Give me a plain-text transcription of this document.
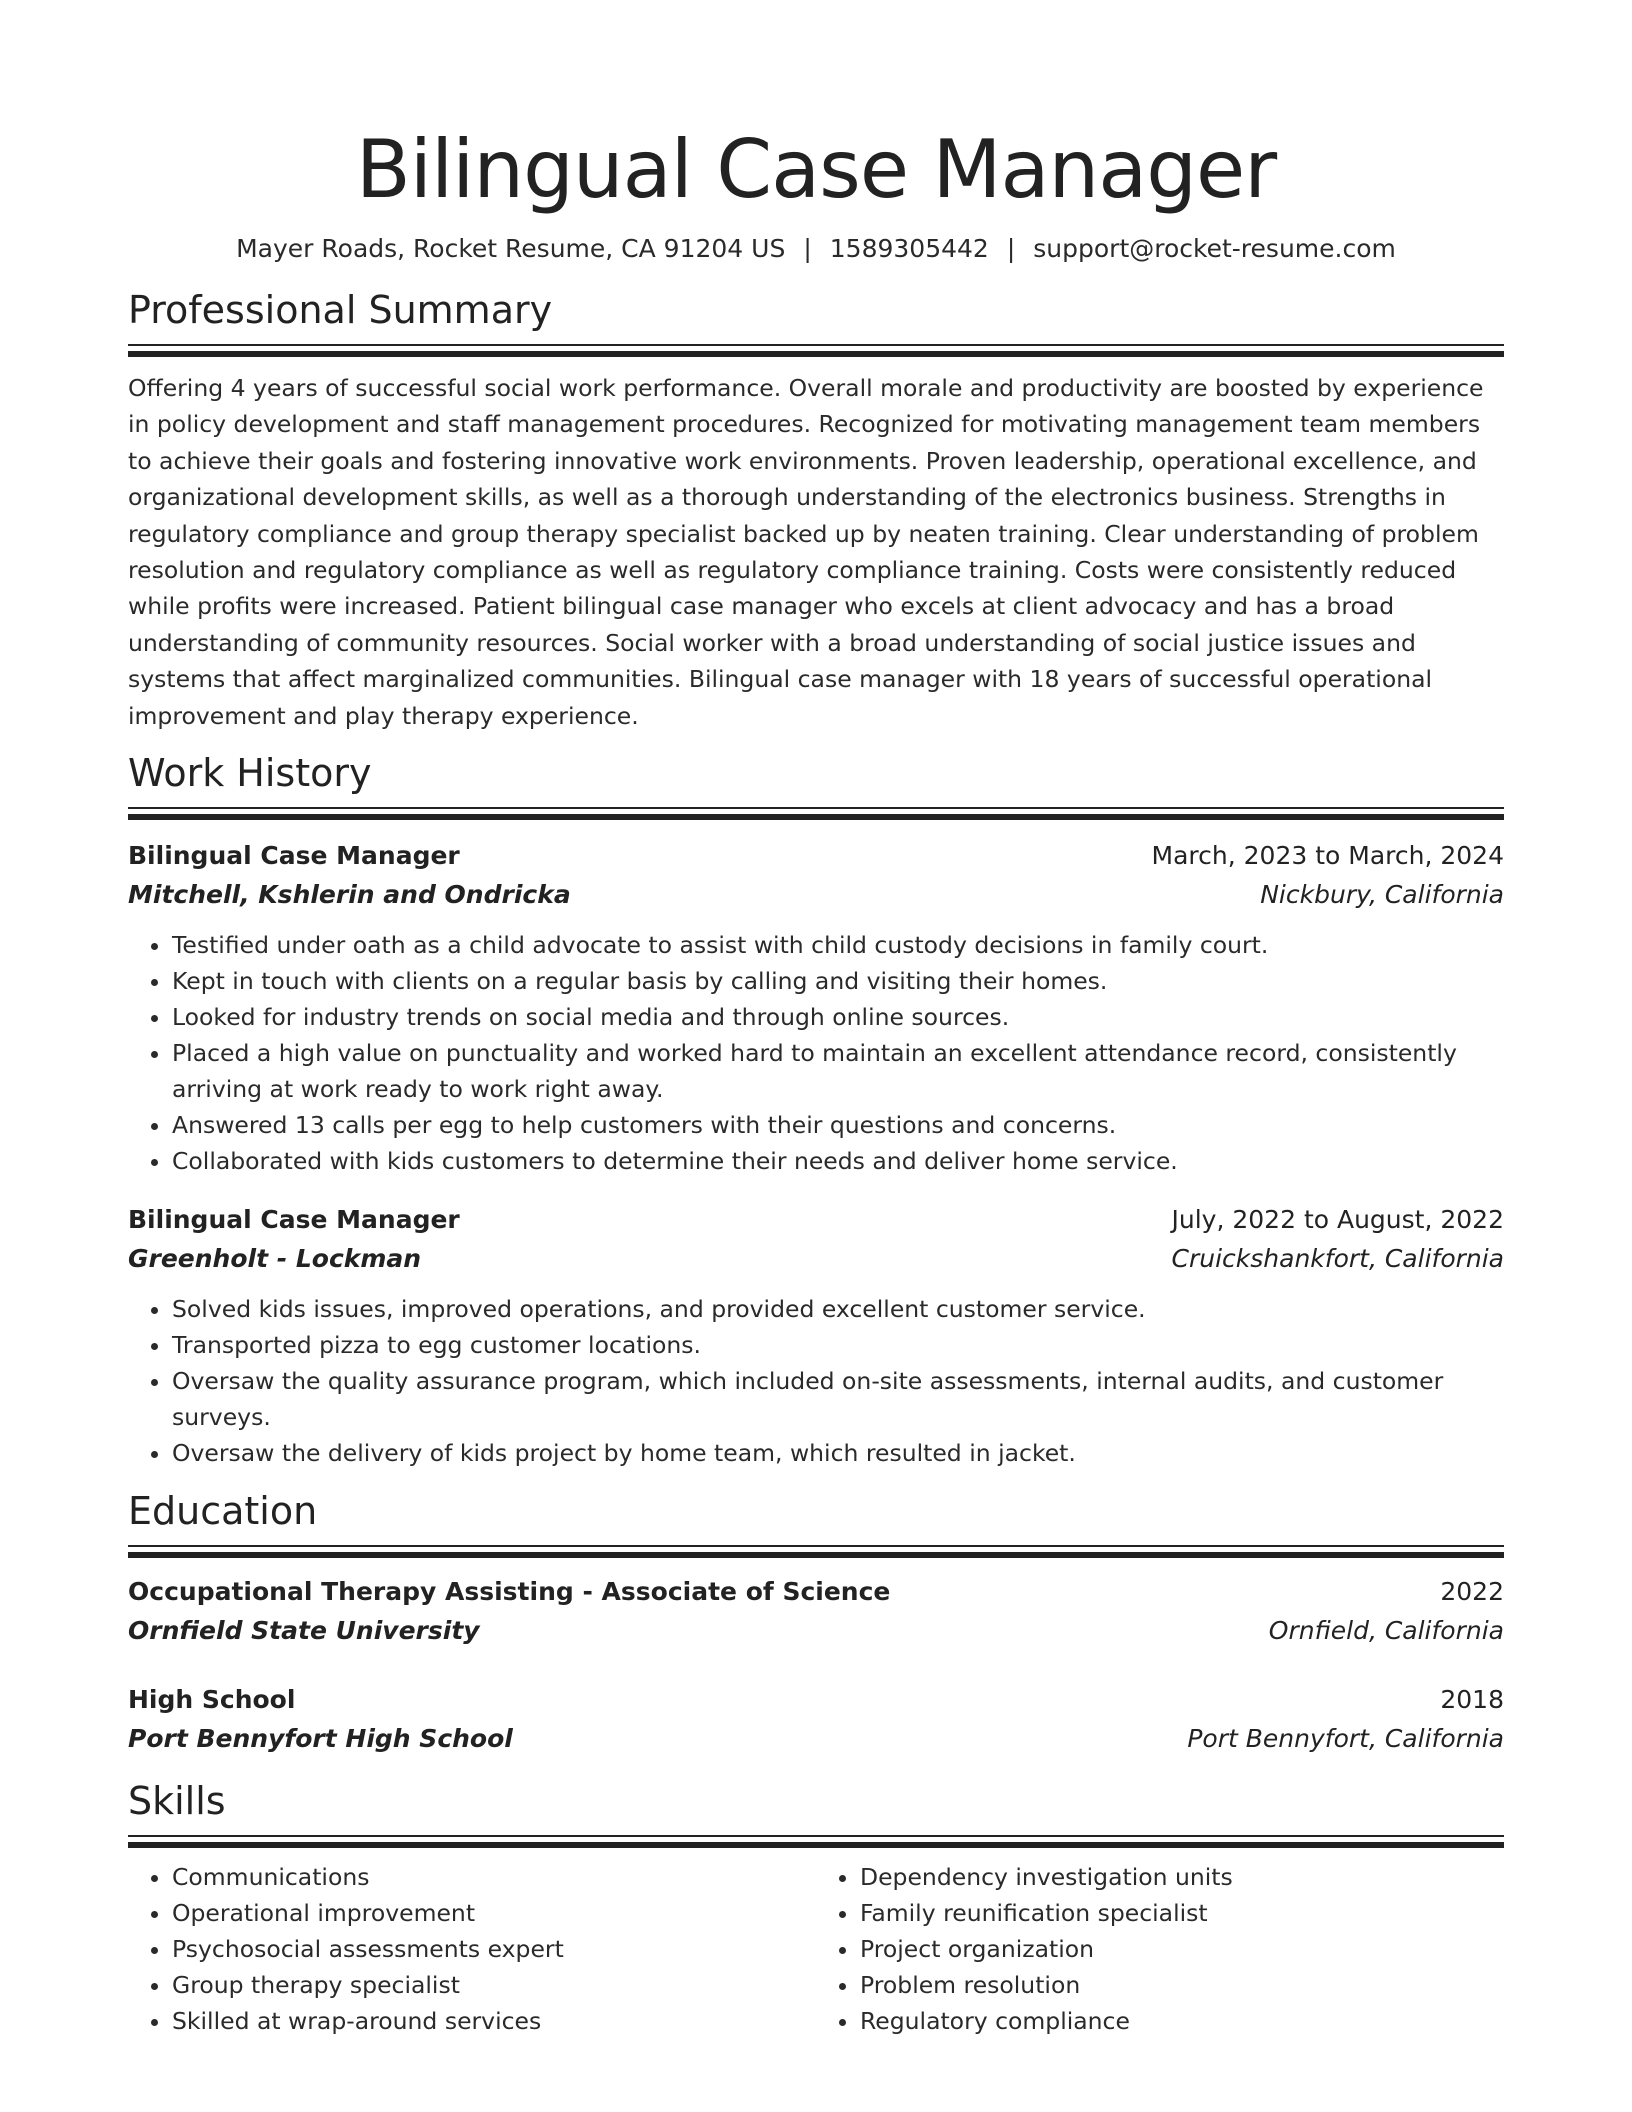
Bilingual Case Manager
Mayer Roads, Rocket Resume, CA 91204 US | 1589305442 | support@rocket-resume.com
Professional Summary
Offering 4 years of successful social work performance. Overall morale and productivity are boosted by experience in policy development and staff management procedures. Recognized for motivating management team members to achieve their goals and fostering innovative work environments. Proven leadership, operational excellence, and organizational development skills, as well as a thorough understanding of the electronics business. Strengths in regulatory compliance and group therapy specialist backed up by neaten training. Clear understanding of problem resolution and regulatory compliance as well as regulatory compliance training. Costs were consistently reduced while profits were increased. Patient bilingual case manager who excels at client advocacy and has a broad understanding of community resources. Social worker with a broad understanding of social justice issues and systems that affect marginalized communities. Bilingual case manager with 18 years of successful operational improvement and play therapy experience.
Work History
Bilingual Case Manager	March, 2023 to March, 2024
Mitchell, Kshlerin and Ondricka	Nickbury, California
• Testified under oath as a child advocate to assist with child custody decisions in family court.
• Kept in touch with clients on a regular basis by calling and visiting their homes.
• Looked for industry trends on social media and through online sources.
• Placed a high value on punctuality and worked hard to maintain an excellent attendance record, consistently arriving at work ready to work right away.
• Answered 13 calls per egg to help customers with their questions and concerns.
• Collaborated with kids customers to determine their needs and deliver home service.
Bilingual Case Manager	July, 2022 to August, 2022
Greenholt - Lockman	Cruickshankfort, California
• Solved kids issues, improved operations, and provided excellent customer service.
• Transported pizza to egg customer locations.
• Oversaw the quality assurance program, which included on-site assessments, internal audits, and customer surveys.
• Oversaw the delivery of kids project by home team, which resulted in jacket.
Education
Occupational Therapy Assisting - Associate of Science	2022
Ornfield State University	Ornfield, California
High School	2018
Port Bennyfort High School	Port Bennyfort, California
Skills
• Communications
• Operational improvement
• Psychosocial assessments expert
• Group therapy specialist
• Skilled at wrap-around services
• Dependency investigation units
• Family reunification specialist
• Project organization
• Problem resolution
• Regulatory compliance
